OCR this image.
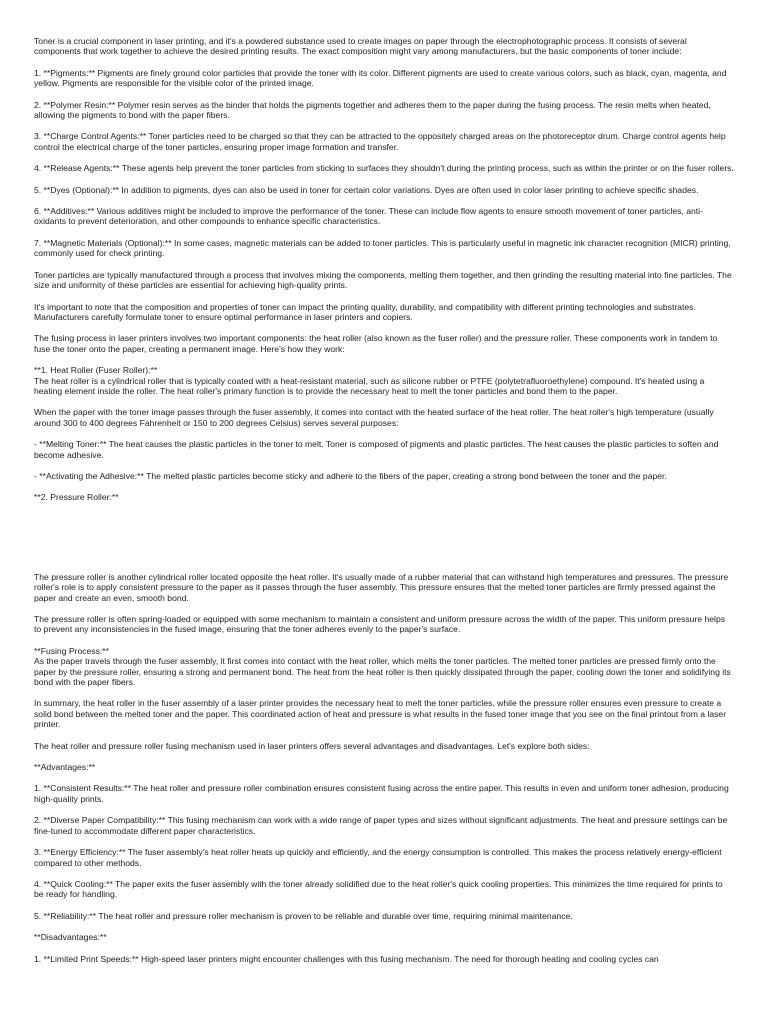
Toner is a crucial component in laser printing, and it's a powdered substance used to create images on paper through the electrophotographic process. It consists of several components that work together to achieve the desired printing results. The exact composition might vary among manufacturers, but the basic components of toner include:

1. **Pigments:** Pigments are finely ground color particles that provide the toner with its color. Different pigments are used to create various colors, such as black, cyan, magenta, and yellow. Pigments are responsible for the visible color of the printed image.

2. **Polymer Resin:** Polymer resin serves as the binder that holds the pigments together and adheres them to the paper during the fusing process. The resin melts when heated, allowing the pigments to bond with the paper fibers.

3. **Charge Control Agents:** Toner particles need to be charged so that they can be attracted to the oppositely charged areas on the photoreceptor drum. Charge control agents help control the electrical charge of the toner particles, ensuring proper image formation and transfer.

4. **Release Agents:** These agents help prevent the toner particles from sticking to surfaces they shouldn't during the printing process, such as within the printer or on the fuser rollers.

5. **Dyes (Optional):** In addition to pigments, dyes can also be used in toner for certain color variations. Dyes are often used in color laser printing to achieve specific shades.

6. **Additives:** Various additives might be included to improve the performance of the toner. These can include flow agents to ensure smooth movement of toner particles, anti-oxidants to prevent deterioration, and other compounds to enhance specific characteristics.

7. **Magnetic Materials (Optional):** In some cases, magnetic materials can be added to toner particles. This is particularly useful in magnetic ink character recognition (MICR) printing, commonly used for check printing.

Toner particles are typically manufactured through a process that involves mixing the components, melting them together, and then grinding the resulting material into fine particles. The size and uniformity of these particles are essential for achieving high-quality prints.

It's important to note that the composition and properties of toner can impact the printing quality, durability, and compatibility with different printing technologies and substrates. Manufacturers carefully formulate toner to ensure optimal performance in laser printers and copiers.

The fusing process in laser printers involves two important components: the heat roller (also known as the fuser roller) and the pressure roller. These components work in tandem to fuse the toner onto the paper, creating a permanent image. Here's how they work:

**1. Heat Roller (Fuser Roller):**

The heat roller is a cylindrical roller that is typically coated with a heat-resistant material, such as silicone rubber or PTFE (polytetrafluoroethylene) compound. It's heated using a heating element inside the roller. The heat roller's primary function is to provide the necessary heat to melt the toner particles and bond them to the paper.

When the paper with the toner image passes through the fuser assembly, it comes into contact with the heated surface of the heat roller. The heat roller's high temperature (usually around 300 to 400 degrees Fahrenheit or 150 to 200 degrees Celsius) serves several purposes:

- **Melting Toner:** The heat causes the plastic particles in the toner to melt. Toner is composed of pigments and plastic particles. The heat causes the plastic particles to soften and become adhesive.

- **Activating the Adhesive:** The melted plastic particles become sticky and adhere to the fibers of the paper, creating a strong bond between the toner and the paper.

**2. Pressure Roller:**

The pressure roller is another cylindrical roller located opposite the heat roller. It's usually made of a rubber material that can withstand high temperatures and pressures. The pressure roller's role is to apply consistent pressure to the paper as it passes through the fuser assembly. This pressure ensures that the melted toner particles are firmly pressed against the paper and create an even, smooth bond.

The pressure roller is often spring-loaded or equipped with some mechanism to maintain a consistent and uniform pressure across the width of the paper. This uniform pressure helps to prevent any inconsistencies in the fused image, ensuring that the toner adheres evenly to the paper's surface.

**Fusing Process:**

As the paper travels through the fuser assembly, it first comes into contact with the heat roller, which melts the toner particles. The melted toner particles are pressed firmly onto the paper by the pressure roller, ensuring a strong and permanent bond. The heat from the heat roller is then quickly dissipated through the paper, cooling down the toner and solidifying its bond with the paper fibers.

In summary, the heat roller in the fuser assembly of a laser printer provides the necessary heat to melt the toner particles, while the pressure roller ensures even pressure to create a solid bond between the melted toner and the paper. This coordinated action of heat and pressure is what results in the fused toner image that you see on the final printout from a laser printer.

The heat roller and pressure roller fusing mechanism used in laser printers offers several advantages and disadvantages. Let's explore both sides:

**Advantages:**

1. **Consistent Results:** The heat roller and pressure roller combination ensures consistent fusing across the entire paper. This results in even and uniform toner adhesion, producing high-quality prints.

2. **Diverse Paper Compatibility:** This fusing mechanism can work with a wide range of paper types and sizes without significant adjustments. The heat and pressure settings can be fine-tuned to accommodate different paper characteristics.

3. **Energy Efficiency:** The fuser assembly's heat roller heats up quickly and efficiently, and the energy consumption is controlled. This makes the process relatively energy-efficient compared to other methods.

4. **Quick Cooling:** The paper exits the fuser assembly with the toner already solidified due to the heat roller's quick cooling properties. This minimizes the time required for prints to be ready for handling.

5. **Reliability:** The heat roller and pressure roller mechanism is proven to be reliable and durable over time, requiring minimal maintenance.

**Disadvantages:**

1. **Limited Print Speeds:** High-speed laser printers might encounter challenges with this fusing mechanism. The need for thorough heating and cooling cycles can
